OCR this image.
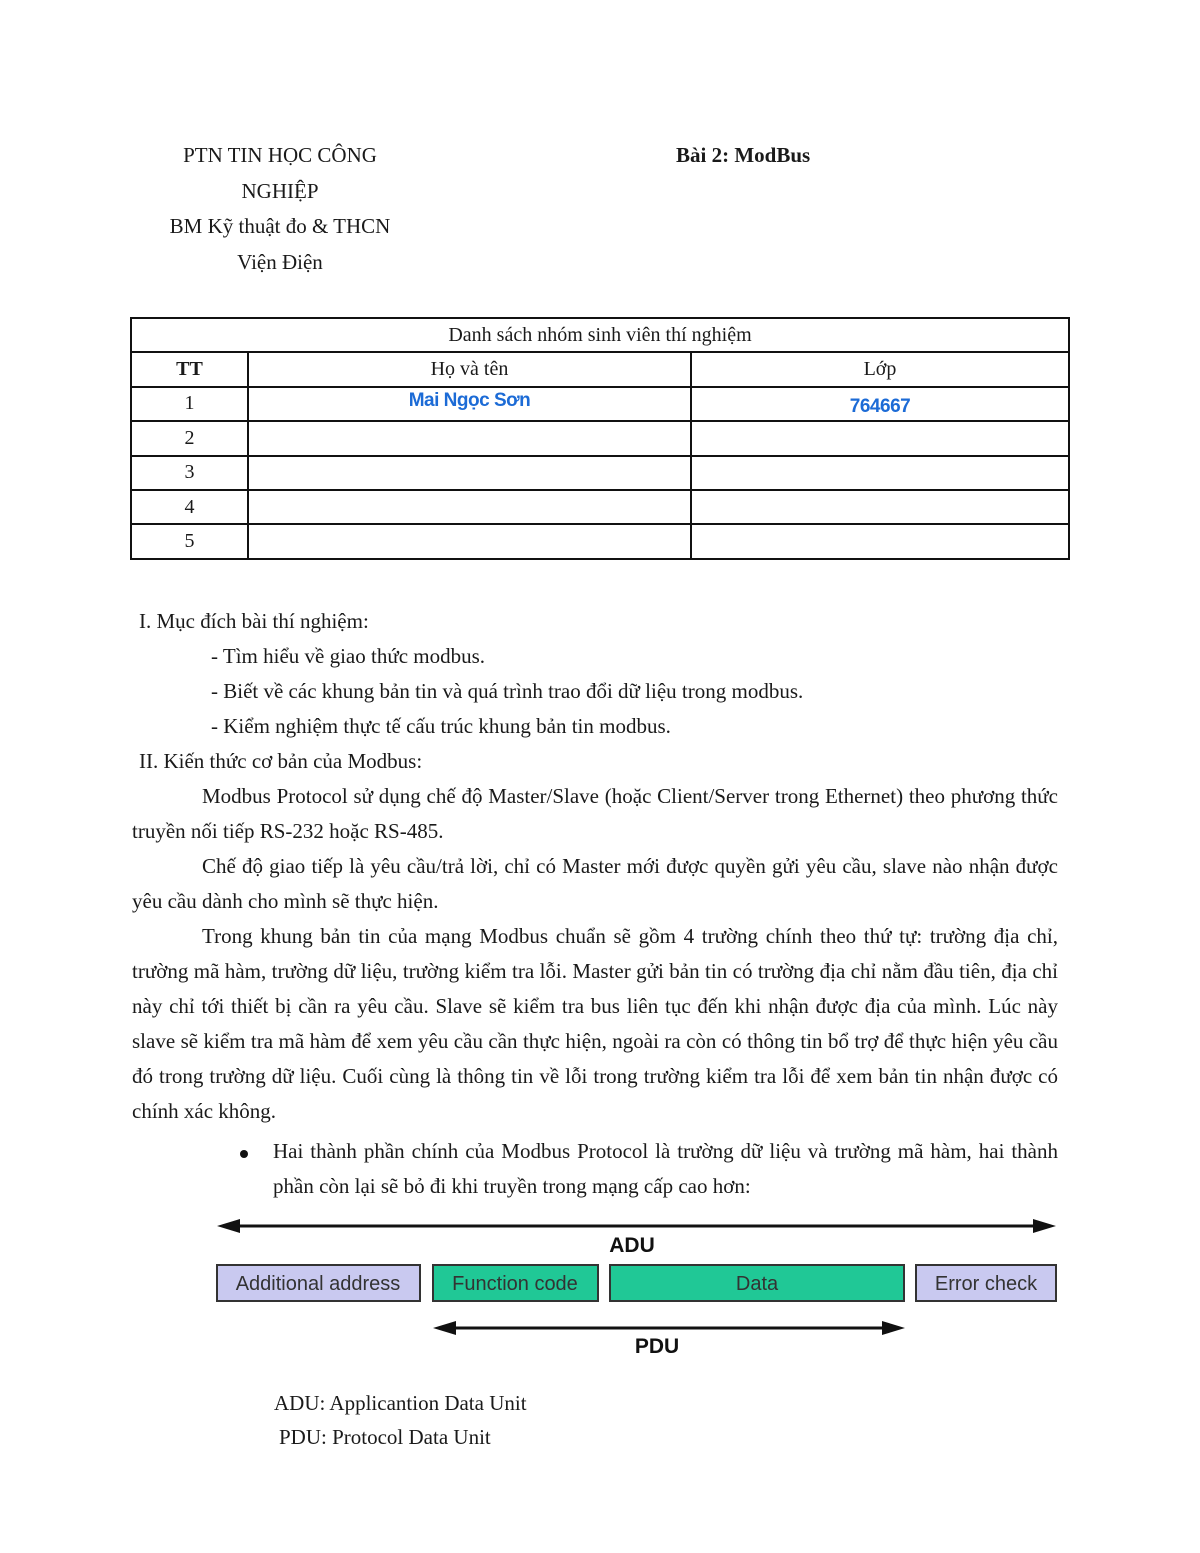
PTN TIN HỌC CÔNG
NGHIỆP
BM Kỹ thuật đo & THCN
Viện Điện
Bài 2: ModBus
Danh sách nhóm sinh viên thí nghiệm		
TT	Họ và tên	Lớp
1	Mai Ngọc Sơn	764667
2		
3		
4		
5		
I. Mục đích bài thí nghiệm:
- Tìm hiểu về giao thức modbus.
- Biết về các khung bản tin và quá trình trao đổi dữ liệu trong modbus.
- Kiểm nghiệm thực tế cấu trúc khung bản tin modbus.
II. Kiến thức cơ bản của Modbus:

Modbus Protocol sử dụng chế độ Master/Slave (hoặc Client/Server trong Ethernet) theo phương thức truyền nối tiếp RS-232 hoặc RS-485.

Chế độ giao tiếp là yêu cầu/trả lời, chỉ có Master mới được quyền gửi yêu cầu, slave nào nhận được yêu cầu dành cho mình sẽ thực hiện.

Trong khung bản tin của mạng Modbus chuẩn sẽ gồm 4 trường chính theo thứ tự: trường địa chỉ, trường mã hàm, trường dữ liệu, trường kiểm tra lỗi. Master gửi bản tin có trường địa chỉ nằm đầu tiên, địa chỉ này chỉ tới thiết bị cần ra yêu cầu. Slave sẽ kiểm tra bus liên tục đến khi nhận được địa của mình. Lúc này slave sẽ kiểm tra mã hàm để xem yêu cầu cần thực hiện, ngoài ra còn có thông tin bổ trợ để thực hiện yêu cầu đó trong trường dữ liệu. Cuối cùng là thông tin về lỗi trong trường kiểm tra lỗi để xem bản tin nhận được có chính xác không.

Hai thành phần chính của Modbus Protocol là trường dữ liệu và trường mã hàm, hai thành phần còn lại sẽ bỏ đi khi truyền trong mạng cấp cao hơn:

ADU
Additional address	Function code	Data	Error check
PDU
ADU: Applicantion Data Unit
PDU: Protocol Data Unit
